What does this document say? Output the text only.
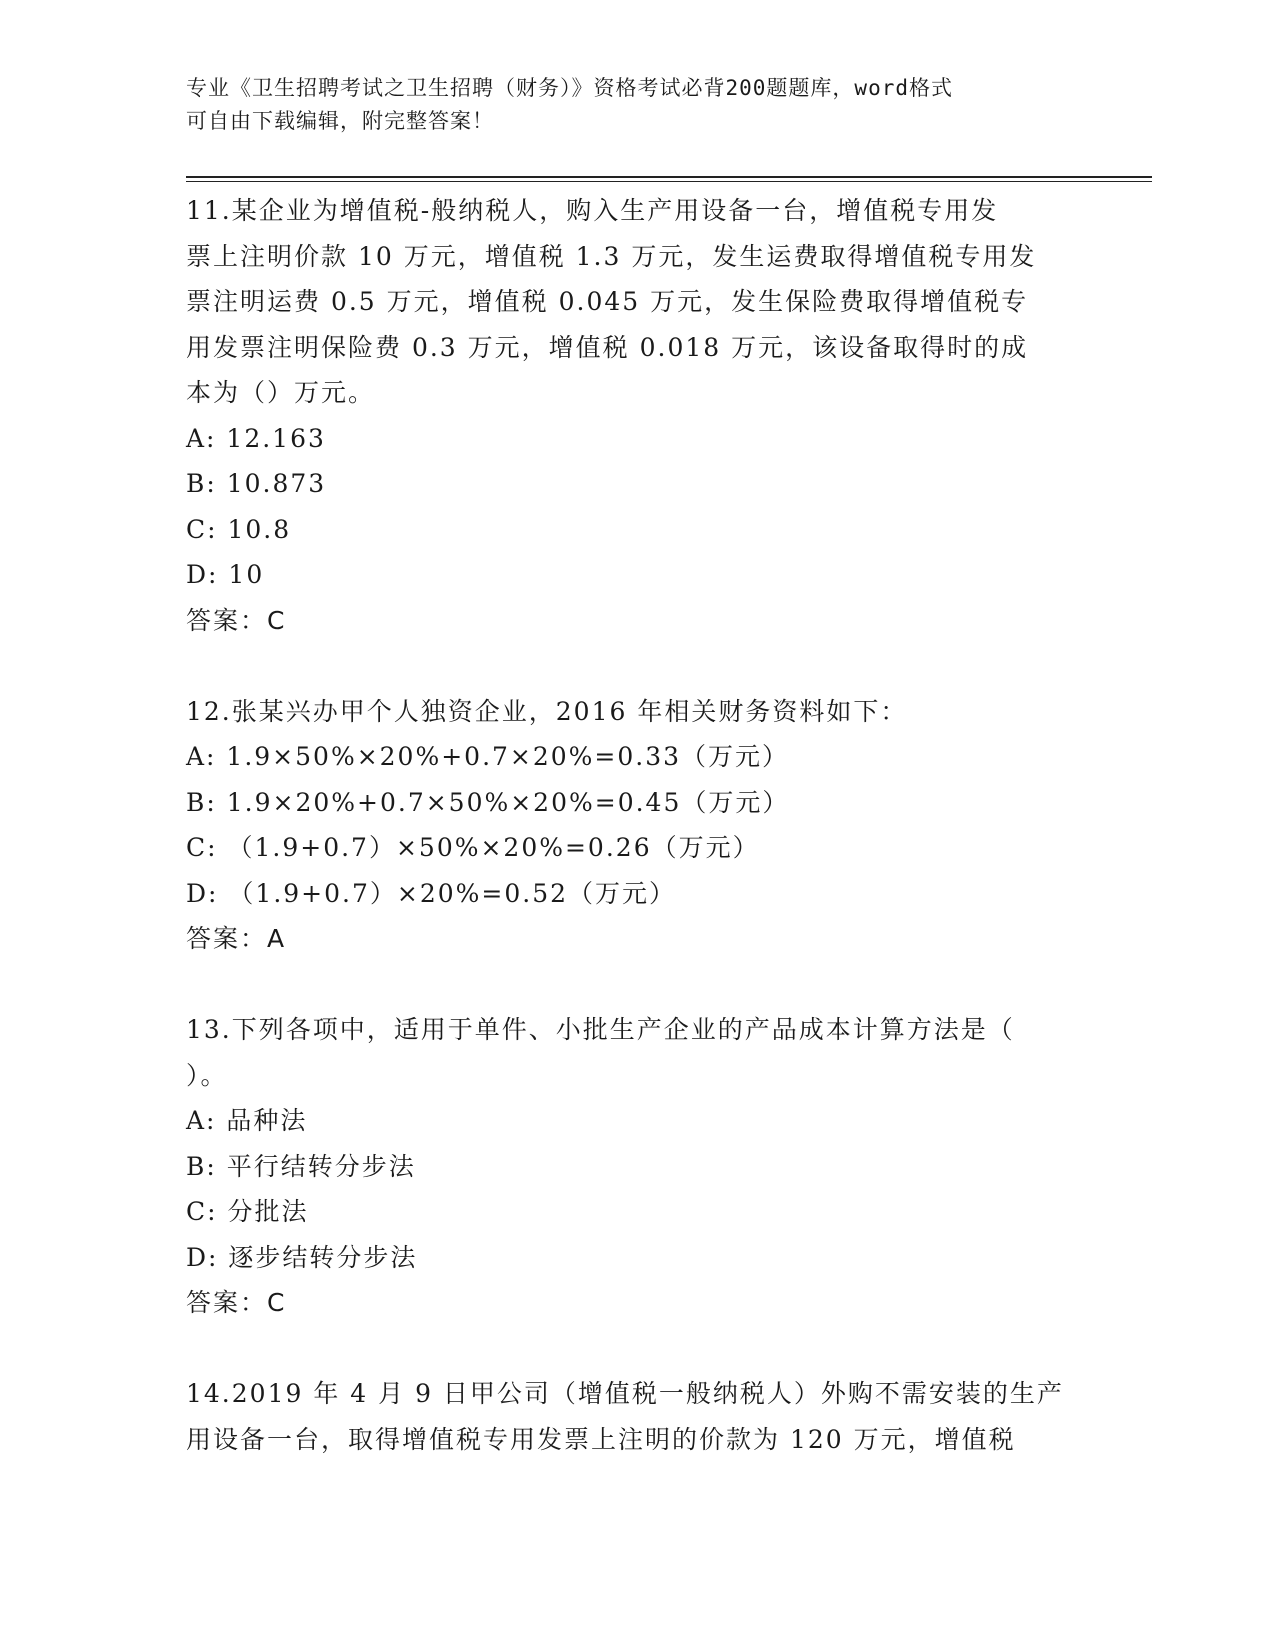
专业《卫生招聘考试之卫生招聘（财务）》资格考试必背200题题库，word格式
可自由下载编辑，附完整答案！
11.某企业为增值税-般纳税人，购入生产用设备一台，增值税专用发
票上注明价款 10 万元，增值税 1.3 万元，发生运费取得增值税专用发
票注明运费 0.5 万元，增值税 0.045 万元，发生保险费取得增值税专
用发票注明保险费 0.3 万元，增值税 0.018 万元，该设备取得时的成
本为（）万元。
A: 12.163
B: 10.873
C: 10.8
D: 10
答案：C
12.张某兴办甲个人独资企业，2016 年相关财务资料如下：
A: 1.9×50%×20%+0.7×20%=0.33（万元）
B: 1.9×20%+0.7×50%×20%=0.45（万元）
C: （1.9+0.7）×50%×20%=0.26（万元）
D: （1.9+0.7）×20%=0.52（万元）
答案：A
13.下列各项中，适用于单件、小批生产企业的产品成本计算方法是（
）。
A: 品种法
B: 平行结转分步法
C: 分批法
D: 逐步结转分步法
答案：C
14.2019 年 4 月 9 日甲公司（增值税一般纳税人）外购不需安装的生产
用设备一台，取得增值税专用发票上注明的价款为 120 万元，增值税
